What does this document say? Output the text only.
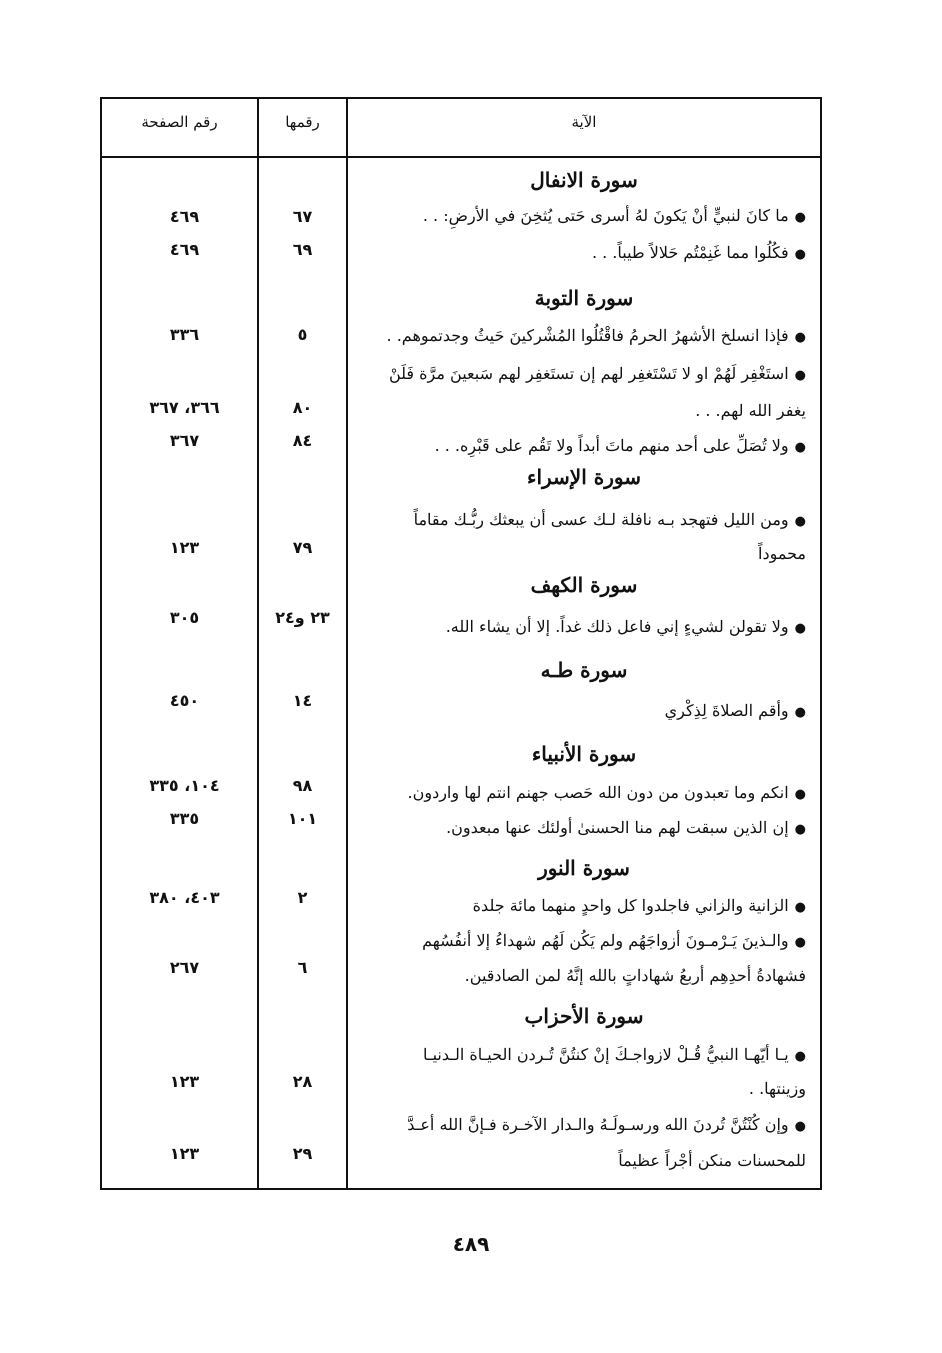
الآية
رقمها
رقم الصفحة
سورة الانفال
●ما كانَ لنبيٍّ أنْ يَكونَ لهُ أسرى حَتى يُثخِنَ في الأرضِ: . .
٦٧
٤٦٩
●فكُلُوا مما غَنِمْتُم حَلالاً طيباً. . .
٦٩
٤٦٩
سورة التوبة
●فإذا انسلخ الأشهرُ الحرمُ فاقْتُلُوا المُشْركينَ حَيثُ وجدتموهم. .
٥
٣٣٦
●استَغْفِر لَهُمْ او لا تَسْتَغفِر لهم إن تستَغفِر لهم سَبعينَ مرَّة فَلَنْ
يغفر الله لهم. . .
٨٠
٣٦٦، ٣٦٧
●ولا تُصَلِّ على أحد منهم ماتَ أبداً ولا تَقُم على قَبْرِه. . .
٨٤
٣٦٧
سورة الإسراء
●ومن الليل فتهجد بـه نافلة لـك عسى أن يبعثك ربُّـك مقاماً
محموداً
٧٩
١٢٣
سورة الكهف
●ولا تقولن لشيءٍ إني فاعل ذلك غداً. إلا أن يشاء الله.
٢٣ و٢٤
٣٠٥
سورة طـه
●وأقم الصلاةَ لِذِكْري
١٤
٤٥٠
سورة الأنبياء
●انكم وما تعبدون من دون الله حَصب جهنم انتم لها واردون.
٩٨
١٠٤، ٣٣٥
●إن الذين سبقت لهم منا الحسنىٰ أولئك عنها مبعدون.
١٠١
٣٣٥
سورة النور
●الزانية والزاني فاجلدوا كل واحدٍ منهما مائة جلدة
٢
٤٠٣، ٣٨٠
●والـذينَ يَـرْمـونَ أزواجَهُم ولم يَكُن لَهُم شهداءُ إلا أنفُسُهم
فشهادةُ أحدِهِم أربعُ شهاداتٍ بالله إنَّهُ لمن الصادقين.
٦
٢٦٧
سورة الأحزاب
●يـا أيّهـا النبيُّ قُـلْ لازواجـكَ إنْ كنتُنَّ تُـردن الحيـاة الـدنيـا
وزينتها. .
٢٨
١٢٣
●وإن كُنْتُنَّ تُردنَ الله ورسـولَـهُ والـدار الآخـرة فـإنَّ الله أعـدَّ
للمحسنات منكن أجْراً عظيماً
٢٩
١٢٣
٤٨٩
